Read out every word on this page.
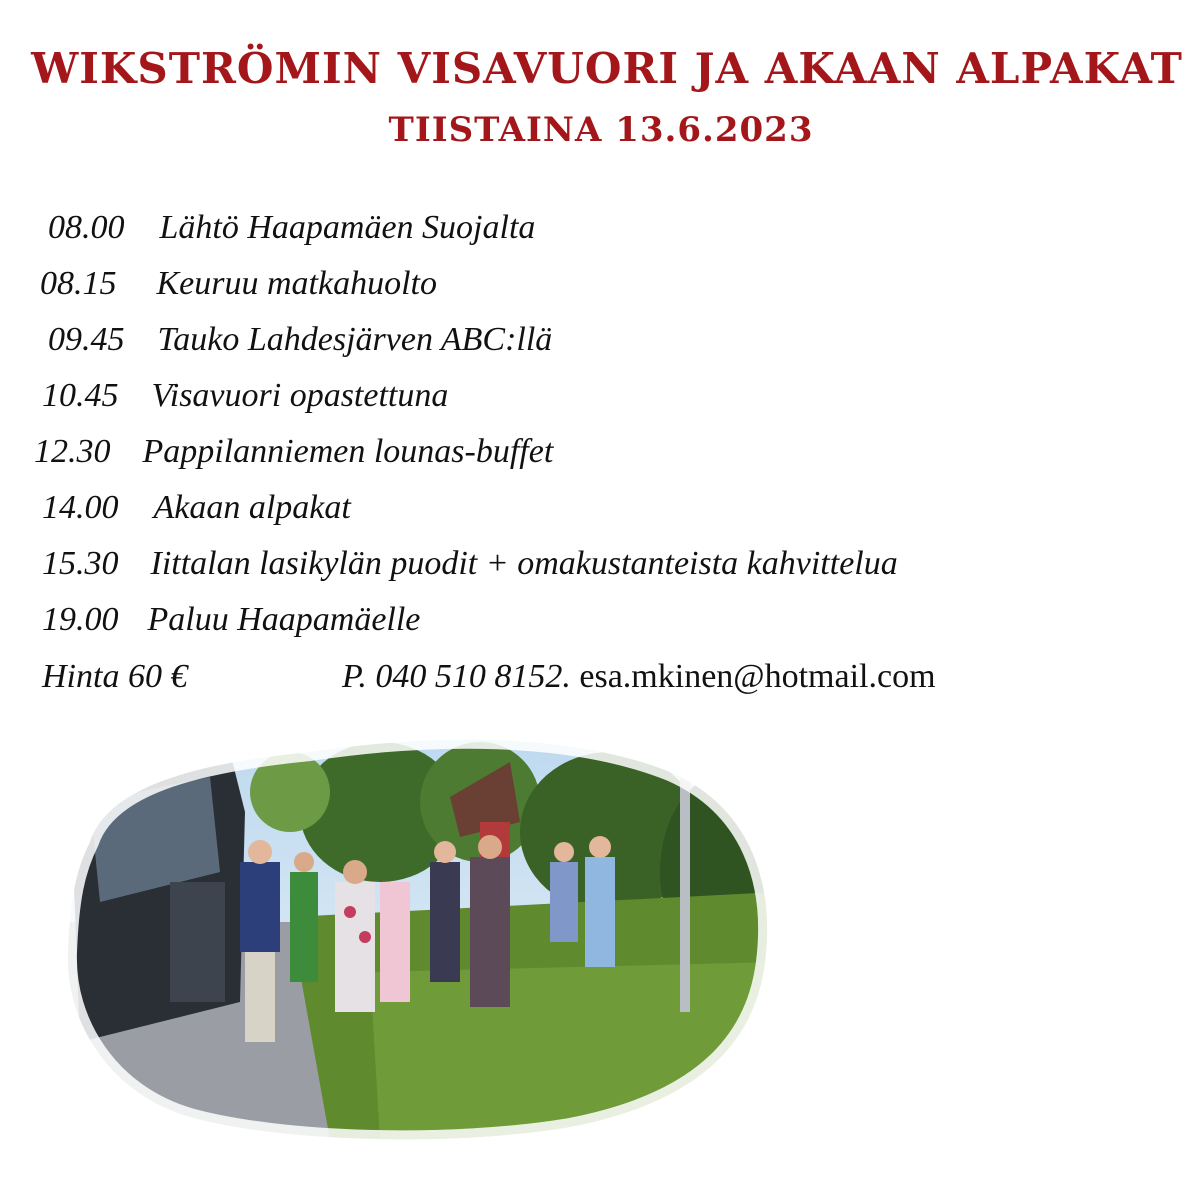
WIKSTRÖMIN VISAVUORI JA AKAAN ALPAKAT
TIISTAINA 13.6.2023
08.00 Lähtö Haapamäen Suojalta
08.15 Keuruu matkahuolto
09.45 Tauko Lahdesjärven ABC:llä
10.45 Visavuori opastettuna
12.30 Pappilanniemen lounas-buffet
14.00 Akaan alpakat
15.30 Iittalan lasikylän puodit + omakustanteista kahvittelua
19.00 Paluu Haapamäelle
Hinta 60 €	P. 040 510 8152. esa.mkinen@hotmail.com
